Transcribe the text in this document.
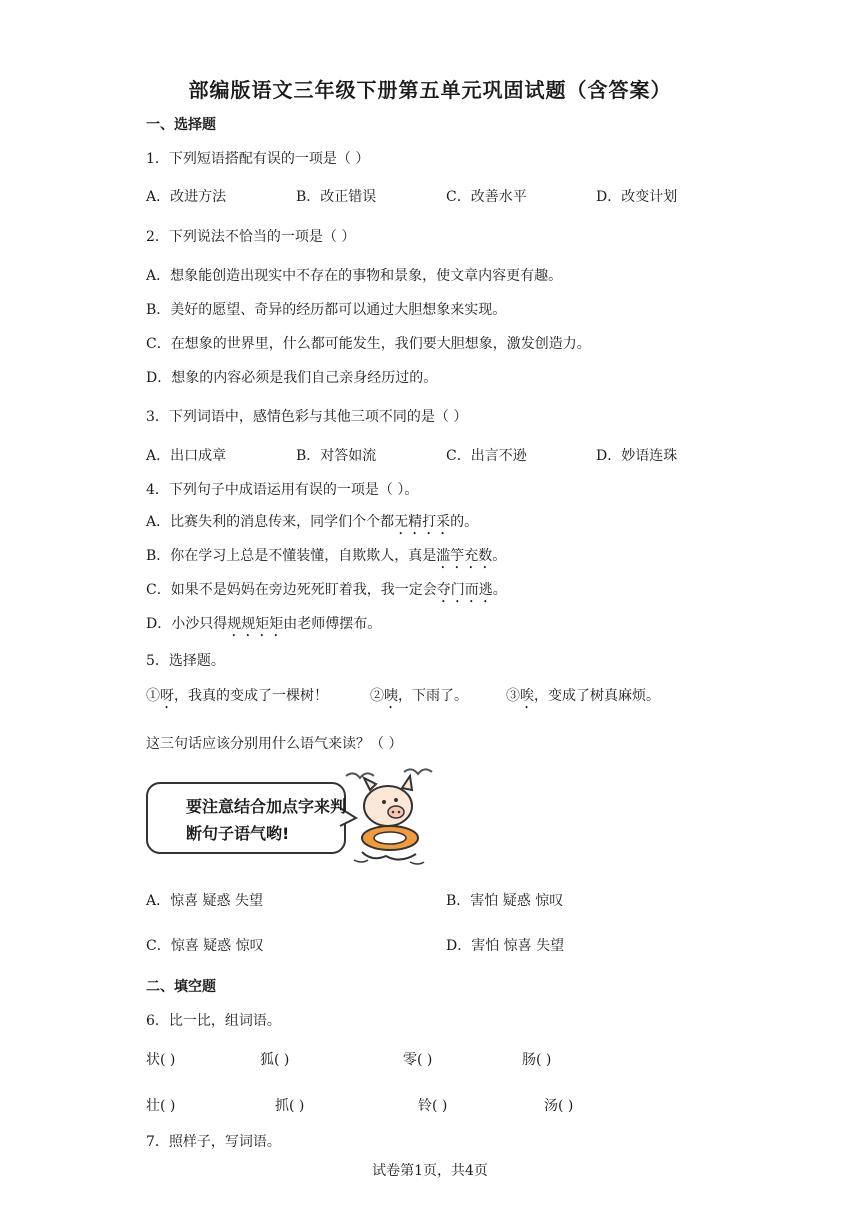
部编版语文三年级下册第五单元巩固试题（含答案）
一、选择题
1．下列短语搭配有误的一项是（ ）
A．改进方法	B．改正错误	C．改善水平	D．改变计划
2．下列说法不恰当的一项是（ ）
A．想象能创造出现实中不存在的事物和景象，使文章内容更有趣。
B．美好的愿望、奇异的经历都可以通过大胆想象来实现。
C．在想象的世界里，什么都可能发生，我们要大胆想象，激发创造力。
D．想象的内容必须是我们自己亲身经历过的。
3．下列词语中，感情色彩与其他三项不同的是（ ）
A．出口成章	B．对答如流	C．出言不逊	D．妙语连珠
4．下列句子中成语运用有误的一项是（ ）。
A．比赛失利的消息传来，同学们个个都无精打采的。
B．你在学习上总是不懂装懂，自欺欺人，真是滥竽充数。
C．如果不是妈妈在旁边死死盯着我，我一定会夺门而逃。
D．小沙只得规规矩矩由老师傅摆布。
5．选择题。
①呀，我真的变成了一棵树！	②咦，下雨了。	③唉，变成了树真麻烦。
这三句话应该分别用什么语气来读？（ ）
要注意结合加点字来判断句子语气哟!
A．惊喜 疑惑 失望	B．害怕 疑惑 惊叹
C．惊喜 疑惑 惊叹	D．害怕 惊喜 失望
二、填空题
6．比一比，组词语。
状( )	狐( )	零( )	肠( )
壮( )	抓( )	铃( )	汤( )
7．照样子，写词语。
试卷第1页，共4页
